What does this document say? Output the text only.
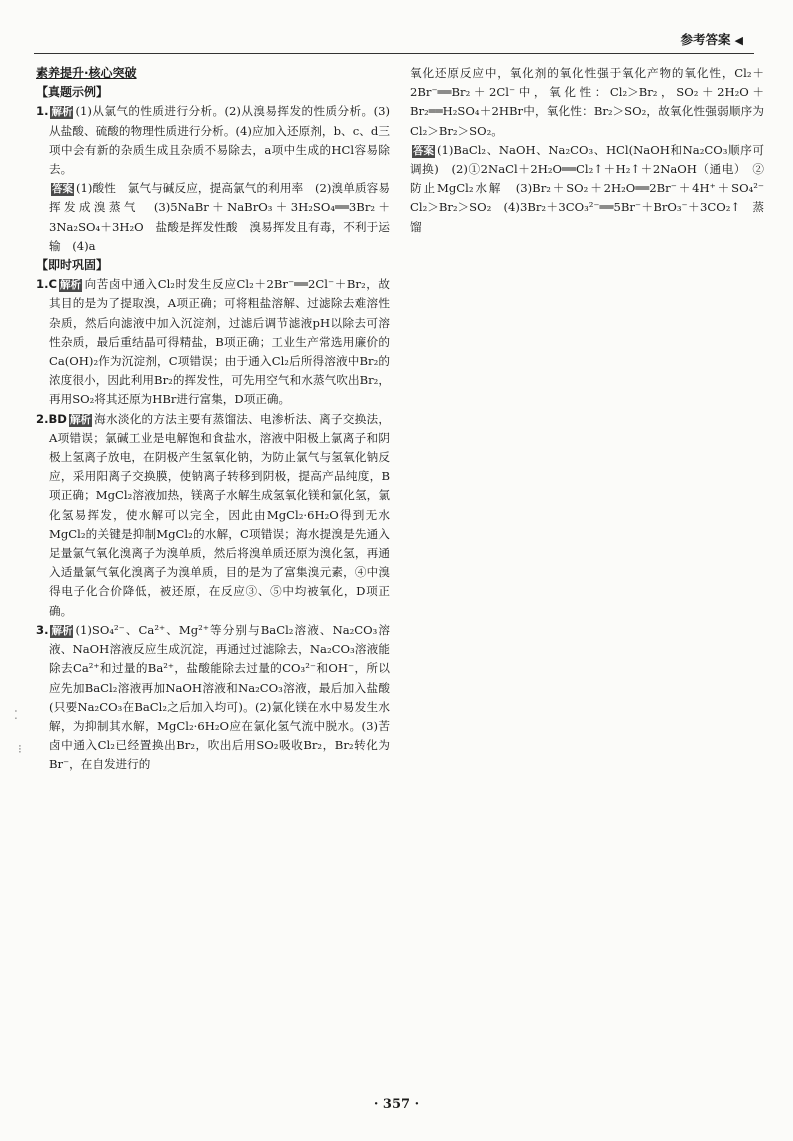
参考答案 ◀
素养提升·核心突破
【真题示例】
1. 解析 (1)从氯气的性质进行分析。(2)从溴易挥发的性质分析。(3)从盐酸、硫酸的物理性质进行分析。(4)应加入还原剂，b、c、d三项中会有新的杂质生成且杂质不易除去，a项中生成的HCl容易除去。
答案 (1)酸性　氯气与碱反应，提高氯气的利用率　(2)溴单质容易挥发成溴蒸气　(3)5NaBr＋NaBrO₃＋3H₂SO₄══3Br₂＋3Na₂SO₄＋3H₂O　盐酸是挥发性酸　溴易挥发且有毒，不利于运输　(4)a
【即时巩固】
1.C 解析 向苦卤中通入Cl₂时发生反应Cl₂＋2Br⁻══2Cl⁻＋Br₂，故其目的是为了提取溴，A项正确；可将粗盐溶解、过滤除去难溶性杂质，然后向滤液中加入沉淀剂，过滤后调节滤液pH以除去可溶性杂质，最后重结晶可得精盐，B项正确；工业生产常选用廉价的Ca(OH)₂作为沉淀剂，C项错误；由于通入Cl₂后所得溶液中Br₂的浓度很小，因此利用Br₂的挥发性，可先用空气和水蒸气吹出Br₂，再用SO₂将其还原为HBr进行富集，D项正确。
2.BD 解析 海水淡化的方法主要有蒸馏法、电渗析法、离子交换法，A项错误；氯碱工业是电解饱和食盐水，溶液中阳极上氯离子和阴极上氢离子放电，在阴极产生氢氧化钠，为防止氯气与氢氧化钠反应，采用阳离子交换膜，使钠离子转移到阴极，提高产品纯度，B项正确；MgCl₂溶液加热，镁离子水解生成氢氧化镁和氯化氢，氯化氢易挥发，使水解可以完全，因此由MgCl₂·6H₂O得到无水MgCl₂的关键是抑制MgCl₂的水解，C项错误；海水提溴是先通入足量氯气氧化溴离子为溴单质，然后将溴单质还原为溴化氢，再通入适量氯气氧化溴离子为溴单质，目的是为了富集溴元素，④中溴得电子化合价降低，被还原，在反应③、⑤中均被氧化，D项正确。
3. 解析 (1)SO₄²⁻、Ca²⁺、Mg²⁺等分别与BaCl₂溶液、Na₂CO₃溶液、NaOH溶液反应生成沉淀，再通过过滤除去，Na₂CO₃溶液能除去Ca²⁺和过量的Ba²⁺，盐酸能除去过量的CO₃²⁻和OH⁻，所以应先加BaCl₂溶液再加NaOH溶液和Na₂CO₃溶液，最后加入盐酸(只要Na₂CO₃在BaCl₂之后加入均可)。(2)氯化镁在水中易发生水解，为抑制其水解，MgCl₂·6H₂O应在氯化氢气流中脱水。(3)苦卤中通入Cl₂已经置换出Br₂，吹出后用SO₂吸收Br₂，Br₂转化为Br⁻，在自发进行的
氧化还原反应中，氧化剂的氧化性强于氧化产物的氧化性，Cl₂＋2Br⁻══Br₂＋2Cl⁻中，氧化性：Cl₂＞Br₂，SO₂＋2H₂O＋Br₂══H₂SO₄＋2HBr中，氧化性：Br₂＞SO₂，故氧化性强弱顺序为Cl₂＞Br₂＞SO₂。
答案 (1)BaCl₂、NaOH、Na₂CO₃、HCl(NaOH和Na₂CO₃顺序可调换)　(2)①2NaCl＋2H₂O══Cl₂↑＋H₂↑＋2NaOH（通电）　②防止MgCl₂水解　(3)Br₂＋SO₂＋2H₂O══2Br⁻＋4H⁺＋SO₄²⁻　Cl₂＞Br₂＞SO₂　(4)3Br₂＋3CO₃²⁻══5Br⁻＋BrO₃⁻＋3CO₂↑　蒸馏
⁚
⁝
· 357 ·
